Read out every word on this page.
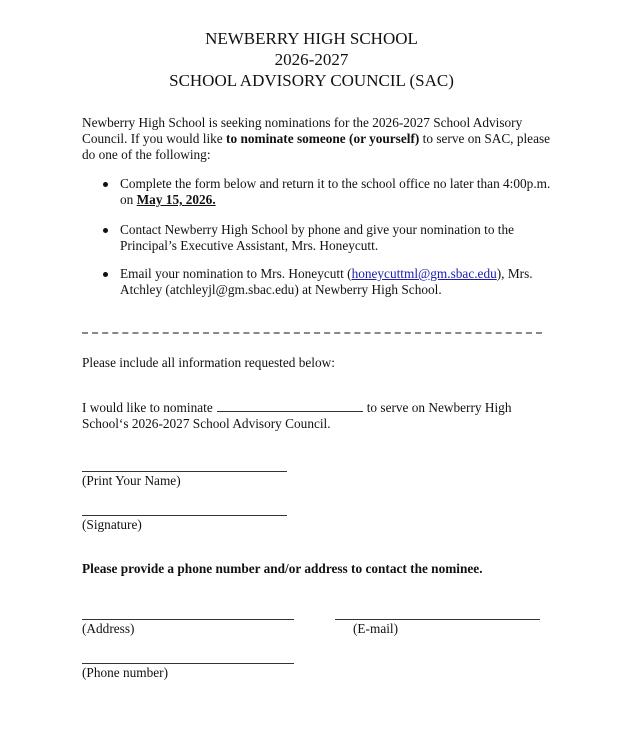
NEWBERRY HIGH SCHOOL
2026-2027
SCHOOL ADVISORY COUNCIL (SAC)
Newberry High School is seeking nominations for the 2026-2027 School Advisory
Council. If you would like to nominate someone (or yourself) to serve on SAC, please
do one of the following:
Complete the form below and return it to the school office no later than 4:00p.m.
on May 15, 2026.
Contact Newberry High School by phone and give your nomination to the
Principal’s Executive Assistant, Mrs. Honeycutt.
Email your nomination to Mrs. Honeycutt (honeycuttml@gm.sbac.edu), Mrs.
Atchley (atchleyjl@gm.sbac.edu) at Newberry High School.
Please include all information requested below:
I would like to nominate	to serve on Newberry High
School‘s 2026-2027 School Advisory Council.
(Print Your Name)
(Signature)
Please provide a phone number and/or address to contact the nominee.
(Address)	(E-mail)
(Phone number)
